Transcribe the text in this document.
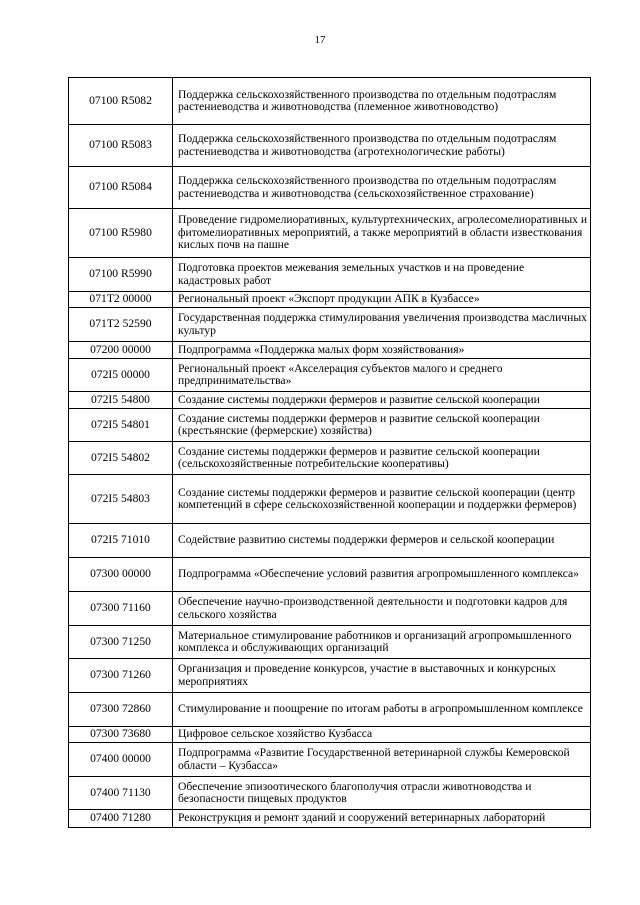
17
07100 R5082	Поддержка сельскохозяйственного производства по отдельным подотраслям растениеводства и животноводства (племенное животноводство)
07100 R5083	Поддержка сельскохозяйственного производства по отдельным подотраслям растениеводства и животноводства (агротехнологические работы)
07100 R5084	Поддержка сельскохозяйственного производства по отдельным подотраслям растениеводства и животноводства (сельскохозяйственное страхование)
07100 R5980	Проведение гидромелиоративных, культуртехнических, агролесомелиоративных и фитомелиоративных мероприятий, а также мероприятий в области известкования кислых почв на пашне
07100 R5990	Подготовка проектов межевания земельных участков и на проведение кадастровых работ
071T2 00000	Региональный проект «Экспорт продукции АПК в Кузбассе»
071T2 52590	Государственная поддержка стимулирования увеличения производства масличных культур
07200 00000	Подпрограмма «Поддержка малых форм хозяйствования»
072I5 00000	Региональный проект «Акселерация субъектов малого и среднего предпринимательства»
072I5 54800	Создание системы поддержки фермеров и развитие сельской кооперации
072I5 54801	Создание системы поддержки фермеров и развитие сельской кооперации (крестьянские (фермерские) хозяйства)
072I5 54802	Создание системы поддержки фермеров и развитие сельской кооперации (сельскохозяйственные потребительские кооперативы)
072I5 54803	Создание системы поддержки фермеров и развитие сельской кооперации (центр компетенций в сфере сельскохозяйственной кооперации и поддержки фермеров)
072I5 71010	Содействие развитию системы поддержки фермеров и сельской кооперации
07300 00000	Подпрограмма «Обеспечение условий развития агропромышленного комплекса»
07300 71160	Обеспечение научно-производственной деятельности и подготовки кадров для сельского хозяйства
07300 71250	Материальное стимулирование работников и организаций агропромышленного комплекса и обслуживающих организаций
07300 71260	Организация и проведение конкурсов, участие в выставочных и конкурсных мероприятиях
07300 72860	Стимулирование и поощрение по итогам работы в агропромышленном комплексе
07300 73680	Цифровое сельское хозяйство Кузбасса
07400 00000	Подпрограмма «Развитие Государственной ветеринарной службы Кемеровской области – Кузбасса»
07400 71130	Обеспечение эпизоотического благополучия отрасли животноводства и безопасности пищевых продуктов
07400 71280	Реконструкция и ремонт зданий и сооружений ветеринарных лабораторий
